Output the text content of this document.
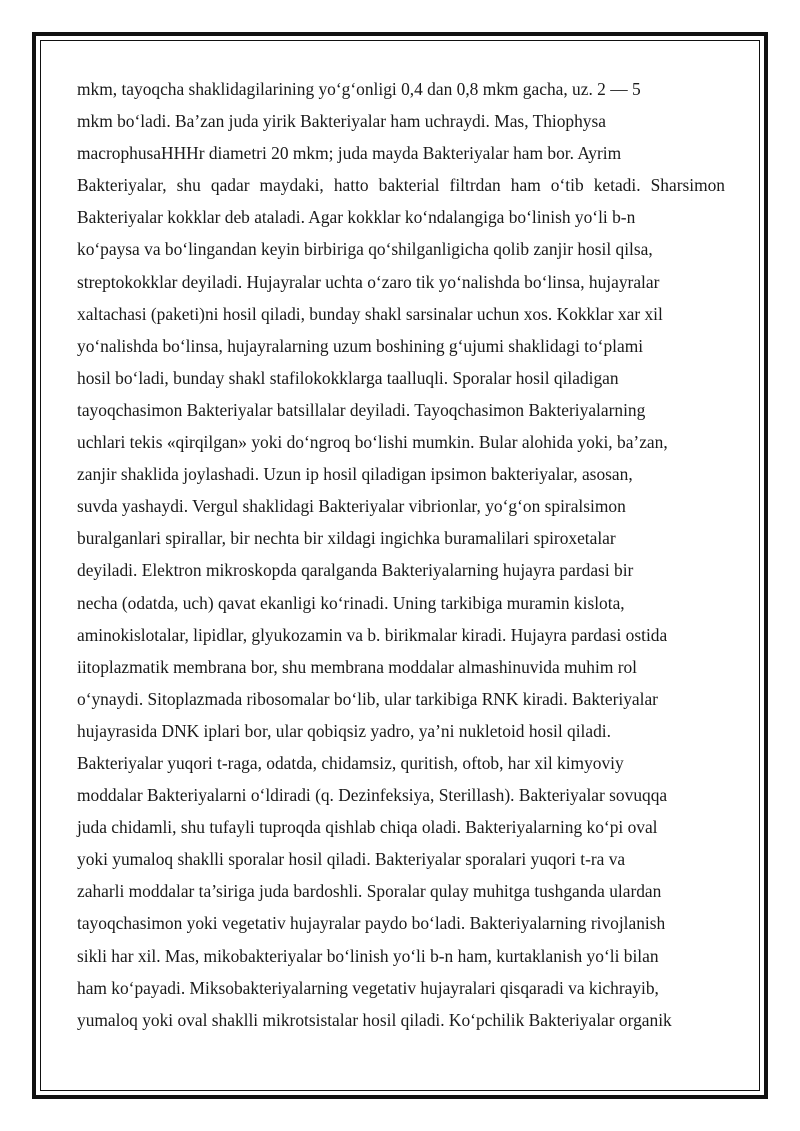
mkm, tayoqcha shaklidagilarining yo‘g‘onligi 0,4 dan 0,8 mkm gacha, uz. 2 — 5
mkm bo‘ladi. Ba’zan juda yirik Bakteriyalar ham uchraydi. Mas, Thiophysa
macrophusaHHHr diametri 20 mkm; juda mayda Bakteriyalar ham bor. Ayrim
Bakteriyalar, shu qadar maydaki, hatto bakterial filtrdan ham o‘tib ketadi. Sharsimon
Bakteriyalar kokklar deb ataladi. Agar kokklar ko‘ndalangiga bo‘linish yo‘li b-n
ko‘paysa va bo‘lingandan keyin birbiriga qo‘shilganligicha qolib zanjir hosil qilsa,
streptokokklar deyiladi. Hujayralar uchta o‘zaro tik yo‘nalishda bo‘linsa, hujayralar
xaltachasi (paketi)ni hosil qiladi, bunday shakl sarsinalar uchun xos. Kokklar xar xil
yo‘nalishda bo‘linsa, hujayralarning uzum boshining g‘ujumi shaklidagi to‘plami
hosil bo‘ladi, bunday shakl stafilokokklarga taalluqli. Sporalar hosil qiladigan
tayoqchasimon Bakteriyalar batsillalar deyiladi. Tayoqchasimon Bakteriyalarning
uchlari tekis «qirqilgan» yoki do‘ngroq bo‘lishi mumkin. Bular alohida yoki, ba’zan,
zanjir shaklida joylashadi. Uzun ip hosil qiladigan ipsimon bakteriyalar, asosan,
suvda yashaydi. Vergul shaklidagi Bakteriyalar vibrionlar, yo‘g‘on spiralsimon
buralganlari spirallar, bir nechta bir xildagi ingichka buramalilari spiroxetalar
deyiladi. Elektron mikroskopda qaralganda Bakteriyalarning hujayra pardasi bir
necha (odatda, uch) qavat ekanligi ko‘rinadi. Uning tarkibiga muramin kislota,
aminokislotalar, lipidlar, glyukozamin va b. birikmalar kiradi. Hujayra pardasi ostida
iitoplazmatik membrana bor, shu membrana moddalar almashinuvida muhim rol
o‘ynaydi. Sitoplazmada ribosomalar bo‘lib, ular tarkibiga RNK kiradi. Bakteriyalar
hujayrasida DNK iplari bor, ular qobiqsiz yadro, ya’ni nukletoid hosil qiladi.
Bakteriyalar yuqori t-raga, odatda, chidamsiz, quritish, oftob, har xil kimyoviy
moddalar Bakteriyalarni o‘ldiradi (q. Dezinfeksiya, Sterillash). Bakteriyalar sovuqqa
juda chidamli, shu tufayli tuproqda qishlab chiqa oladi. Bakteriyalarning ko‘pi oval
yoki yumaloq shaklli sporalar hosil qiladi. Bakteriyalar sporalari yuqori t-ra va
zaharli moddalar ta’siriga juda bardoshli. Sporalar qulay muhitga tushganda ulardan
tayoqchasimon yoki vegetativ hujayralar paydo bo‘ladi. Bakteriyalarning rivojlanish
sikli har xil. Mas, mikobakteriyalar bo‘linish yo‘li b-n ham, kurtaklanish yo‘li bilan
ham ko‘payadi. Miksobakteriyalarning vegetativ hujayralari qisqaradi va kichrayib,
yumaloq yoki oval shaklli mikrotsistalar hosil qiladi. Ko‘pchilik Bakteriyalar organik
